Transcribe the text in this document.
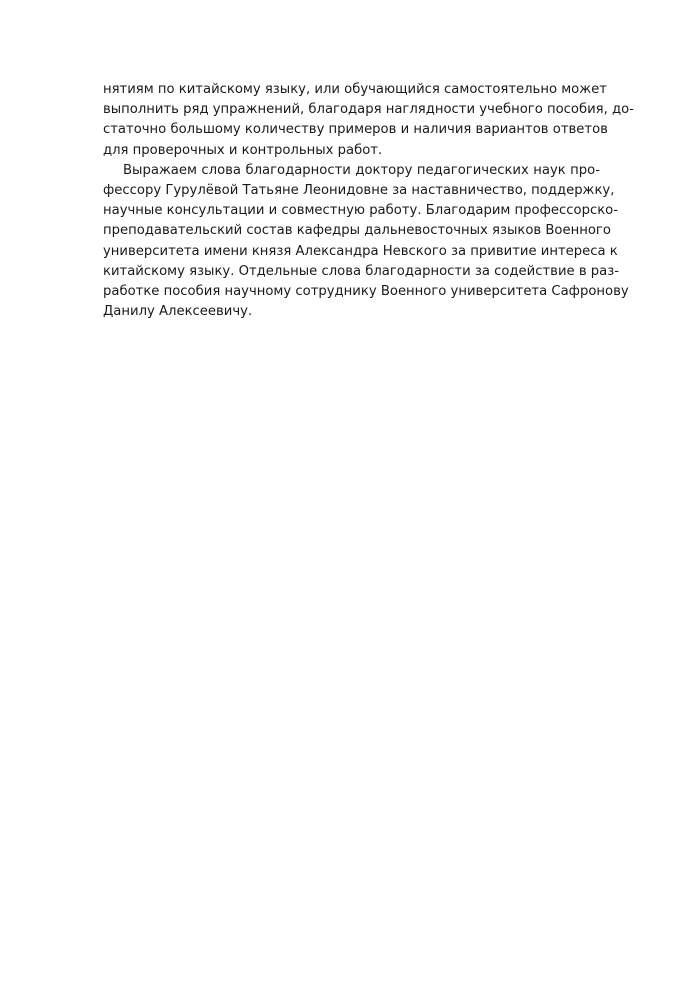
нятиям по китайскому языку, или обучающийся самостоятельно может
выполнить ряд упражнений, благодаря наглядности учебного пособия, до-
статочно большому количеству примеров и наличия вариантов ответов
для проверочных и контрольных работ.
Выражаем слова благодарности доктору педагогических наук про-
фессору Гурулёвой Татьяне Леонидовне за наставничество, поддержку,
научные консультации и совместную работу. Благодарим профессорско-
преподавательский состав кафедры дальневосточных языков Военного
университета имени князя Александра Невского за привитие интереса к
китайскому языку. Отдельные слова благодарности за содействие в раз-
работке пособия научному сотруднику Военного университета Сафронову
Данилу Алексеевичу.
